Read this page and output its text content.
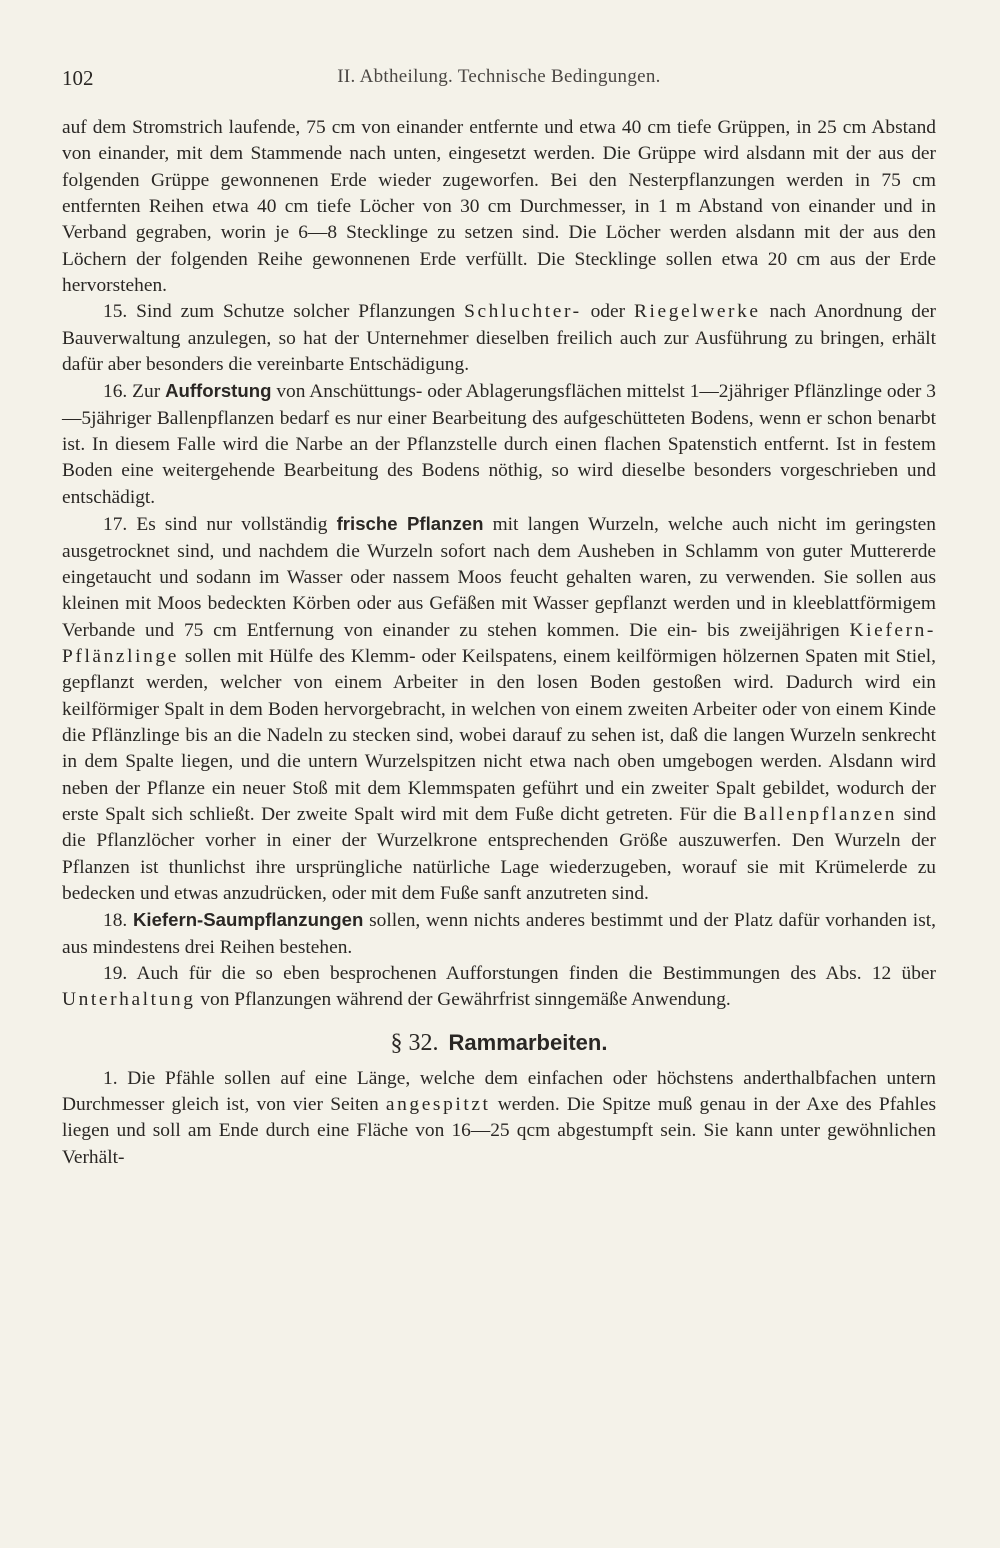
102	II. Abtheilung. Technische Bedingungen.

auf dem Stromstrich laufende, 75 cm von einander entfernte und etwa 40 cm tiefe Grüppen, in 25 cm Abstand von einander, mit dem Stammende nach unten, eingesetzt werden. Die Grüppe wird alsdann mit der aus der folgenden Grüppe gewonnenen Erde wieder zugeworfen. Bei den Nesterpflanzungen werden in 75 cm entfernten Reihen etwa 40 cm tiefe Löcher von 30 cm Durchmesser, in 1 m Abstand von einander und in Verband gegraben, worin je 6—8 Stecklinge zu setzen sind. Die Löcher werden alsdann mit der aus den Löchern der folgenden Reihe gewonnenen Erde verfüllt. Die Stecklinge sollen etwa 20 cm aus der Erde hervorstehen.

15. Sind zum Schutze solcher Pflanzungen Schluchter- oder Riegelwerke nach Anordnung der Bauverwaltung anzulegen, so hat der Unternehmer dieselben freilich auch zur Ausführung zu bringen, erhält dafür aber besonders die vereinbarte Entschädigung.

16. Zur Aufforstung von Anschüttungs- oder Ablagerungsflächen mittelst 1—2jähriger Pflänzlinge oder 3—5jähriger Ballenpflanzen bedarf es nur einer Bearbeitung des aufgeschütteten Bodens, wenn er schon benarbt ist. In diesem Falle wird die Narbe an der Pflanzstelle durch einen flachen Spatenstich entfernt. Ist in festem Boden eine weitergehende Bearbeitung des Bodens nöthig, so wird dieselbe besonders vorgeschrieben und entschädigt.

17. Es sind nur vollständig frische Pflanzen mit langen Wurzeln, welche auch nicht im geringsten ausgetrocknet sind, und nachdem die Wurzeln sofort nach dem Ausheben in Schlamm von guter Muttererde eingetaucht und sodann im Wasser oder nassem Moos feucht gehalten waren, zu verwenden. Sie sollen aus kleinen mit Moos bedeckten Körben oder aus Gefäßen mit Wasser gepflanzt werden und in kleeblattförmigem Verbande und 75 cm Entfernung von einander zu stehen kommen. Die ein- bis zweijährigen Kiefern-Pflänzlinge sollen mit Hülfe des Klemm- oder Keilspatens, einem keilförmigen hölzernen Spaten mit Stiel, gepflanzt werden, welcher von einem Arbeiter in den losen Boden gestoßen wird. Dadurch wird ein keilförmiger Spalt in dem Boden hervorgebracht, in welchen von einem zweiten Arbeiter oder von einem Kinde die Pflänzlinge bis an die Nadeln zu stecken sind, wobei darauf zu sehen ist, daß die langen Wurzeln senkrecht in dem Spalte liegen, und die untern Wurzelspitzen nicht etwa nach oben umgebogen werden. Alsdann wird neben der Pflanze ein neuer Stoß mit dem Klemmspaten geführt und ein zweiter Spalt gebildet, wodurch der erste Spalt sich schließt. Der zweite Spalt wird mit dem Fuße dicht getreten. Für die Ballenpflanzen sind die Pflanzlöcher vorher in einer der Wurzelkrone entsprechenden Größe auszuwerfen. Den Wurzeln der Pflanzen ist thunlichst ihre ursprüngliche natürliche Lage wiederzugeben, worauf sie mit Krümelerde zu bedecken und etwas anzudrücken, oder mit dem Fuße sanft anzutreten sind.

18. Kiefern-Saumpflanzungen sollen, wenn nichts anderes bestimmt und der Platz dafür vorhanden ist, aus mindestens drei Reihen bestehen.

19. Auch für die so eben besprochenen Aufforstungen finden die Bestimmungen des Abs. 12 über Unterhaltung von Pflanzungen während der Gewährfrist sinngemäße Anwendung.

§ 32. Rammarbeiten.

1. Die Pfähle sollen auf eine Länge, welche dem einfachen oder höchstens anderthalbfachen untern Durchmesser gleich ist, von vier Seiten angespitzt werden. Die Spitze muß genau in der Axe des Pfahles liegen und soll am Ende durch eine Fläche von 16—25 qcm abgestumpft sein. Sie kann unter gewöhnlichen Verhält-
